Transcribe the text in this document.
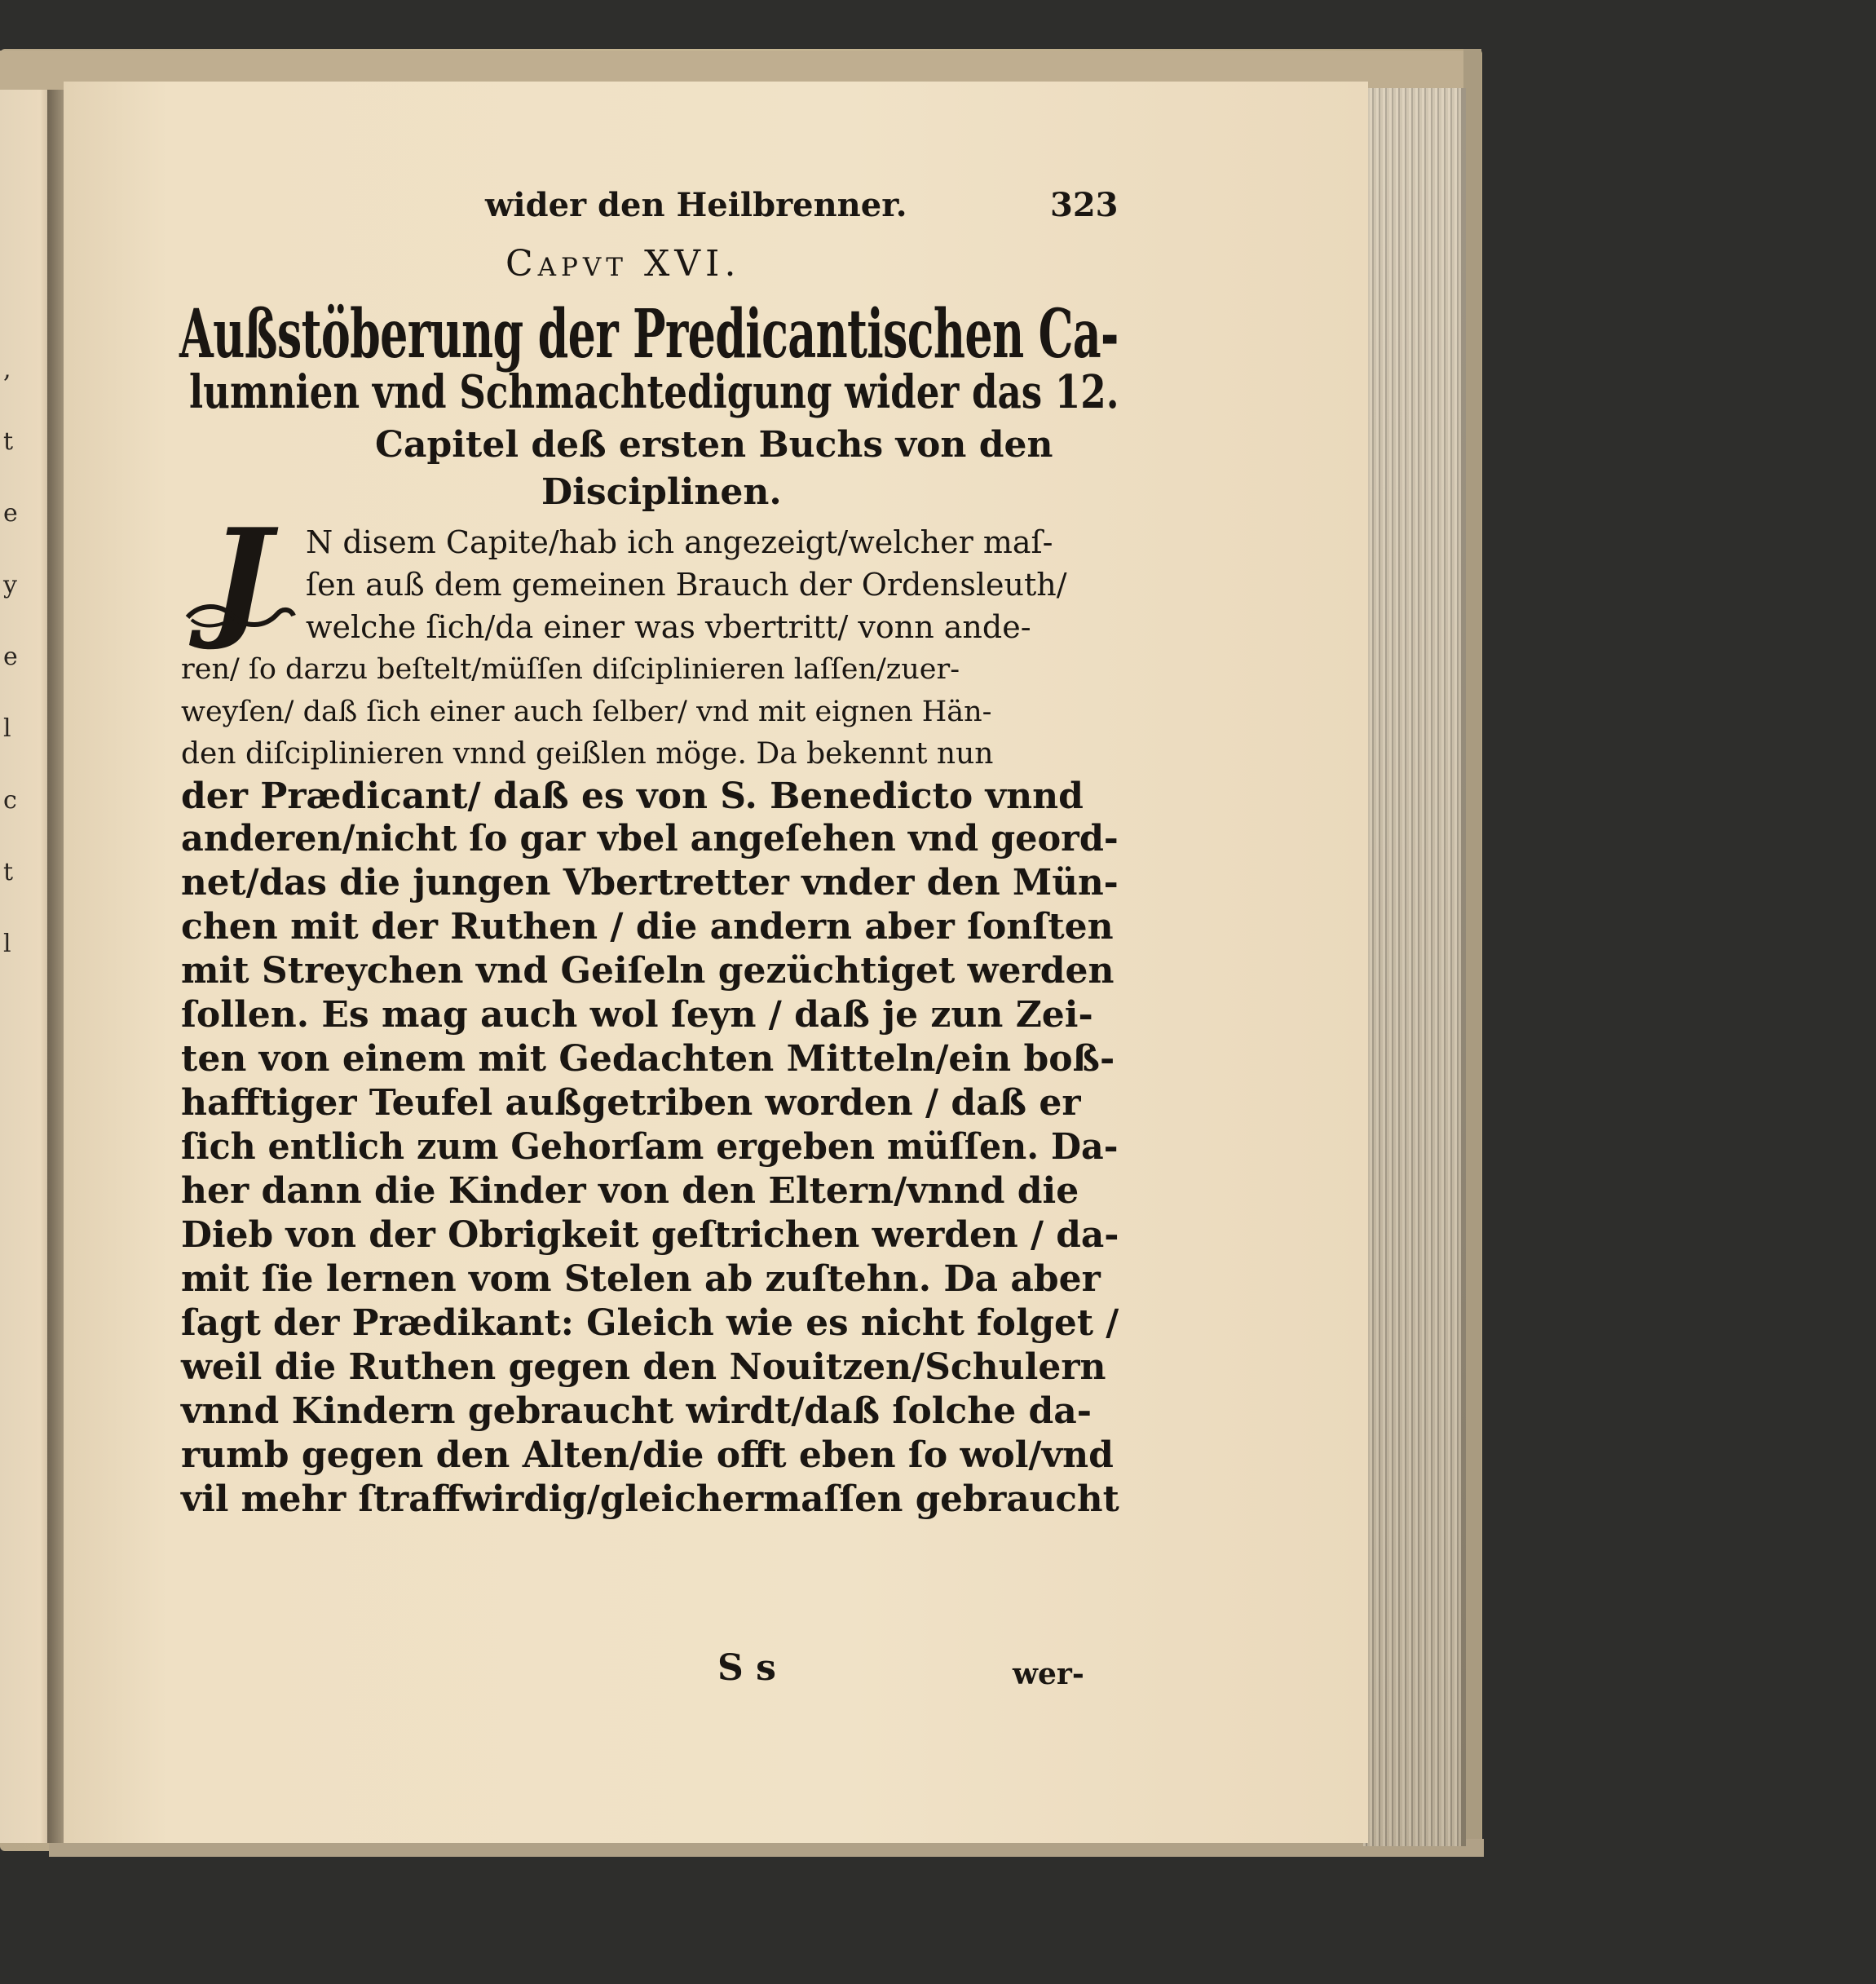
,
t
e
y
e
l
c
t
l
wider den Heilbrenner.	323
Capvt XVI.
Außstöberung der Predicantischen Ca-
lumnien vnd Schmachtedigung wider das 12.
Capitel deß ersten Buchs von den
Disciplinen.
J	N disem Capite/hab ich angezeigt/welcher maſ-
ſen auß dem gemeinen Brauch der Ordensleuth/
welche ſich/da einer was vbertritt/ vonn ande-
ren/ ſo darzu beſtelt/müſſen diſciplinieren laſſen/zuer-
weyſen/ daß ſich einer auch ſelber/ vnd mit eignen Hän-
den diſciplinieren vnnd geißlen möge. Da bekennt nun
der Prædicant/ daß es von S. Benedicto vnnd
anderen/nicht ſo gar vbel angeſehen vnd geord-
net/das die jungen Vbertretter vnder den Mün-
chen mit der Ruthen / die andern aber ſonſten
mit Streychen vnd Geiſeln gezüchtiget werden
ſollen. Es mag auch wol ſeyn / daß je zun Zei-
ten von einem mit Gedachten Mitteln/ein boß-
hafftiger Teufel außgetriben worden / daß er
ſich entlich zum Gehorſam ergeben müſſen. Da-
her dann die Kinder von den Eltern/vnnd die
Dieb von der Obrigkeit geſtrichen werden / da-
mit ſie lernen vom Stelen ab zuſtehn. Da aber
ſagt der Prædikant: Gleich wie es nicht folget /
weil die Ruthen gegen den Nouitzen/Schulern
vnnd Kindern gebraucht wirdt/daß ſolche da-
rumb gegen den Alten/die offt eben ſo wol/vnd
vil mehr ſtraffwirdig/gleichermaſſen gebraucht
S s	wer-
